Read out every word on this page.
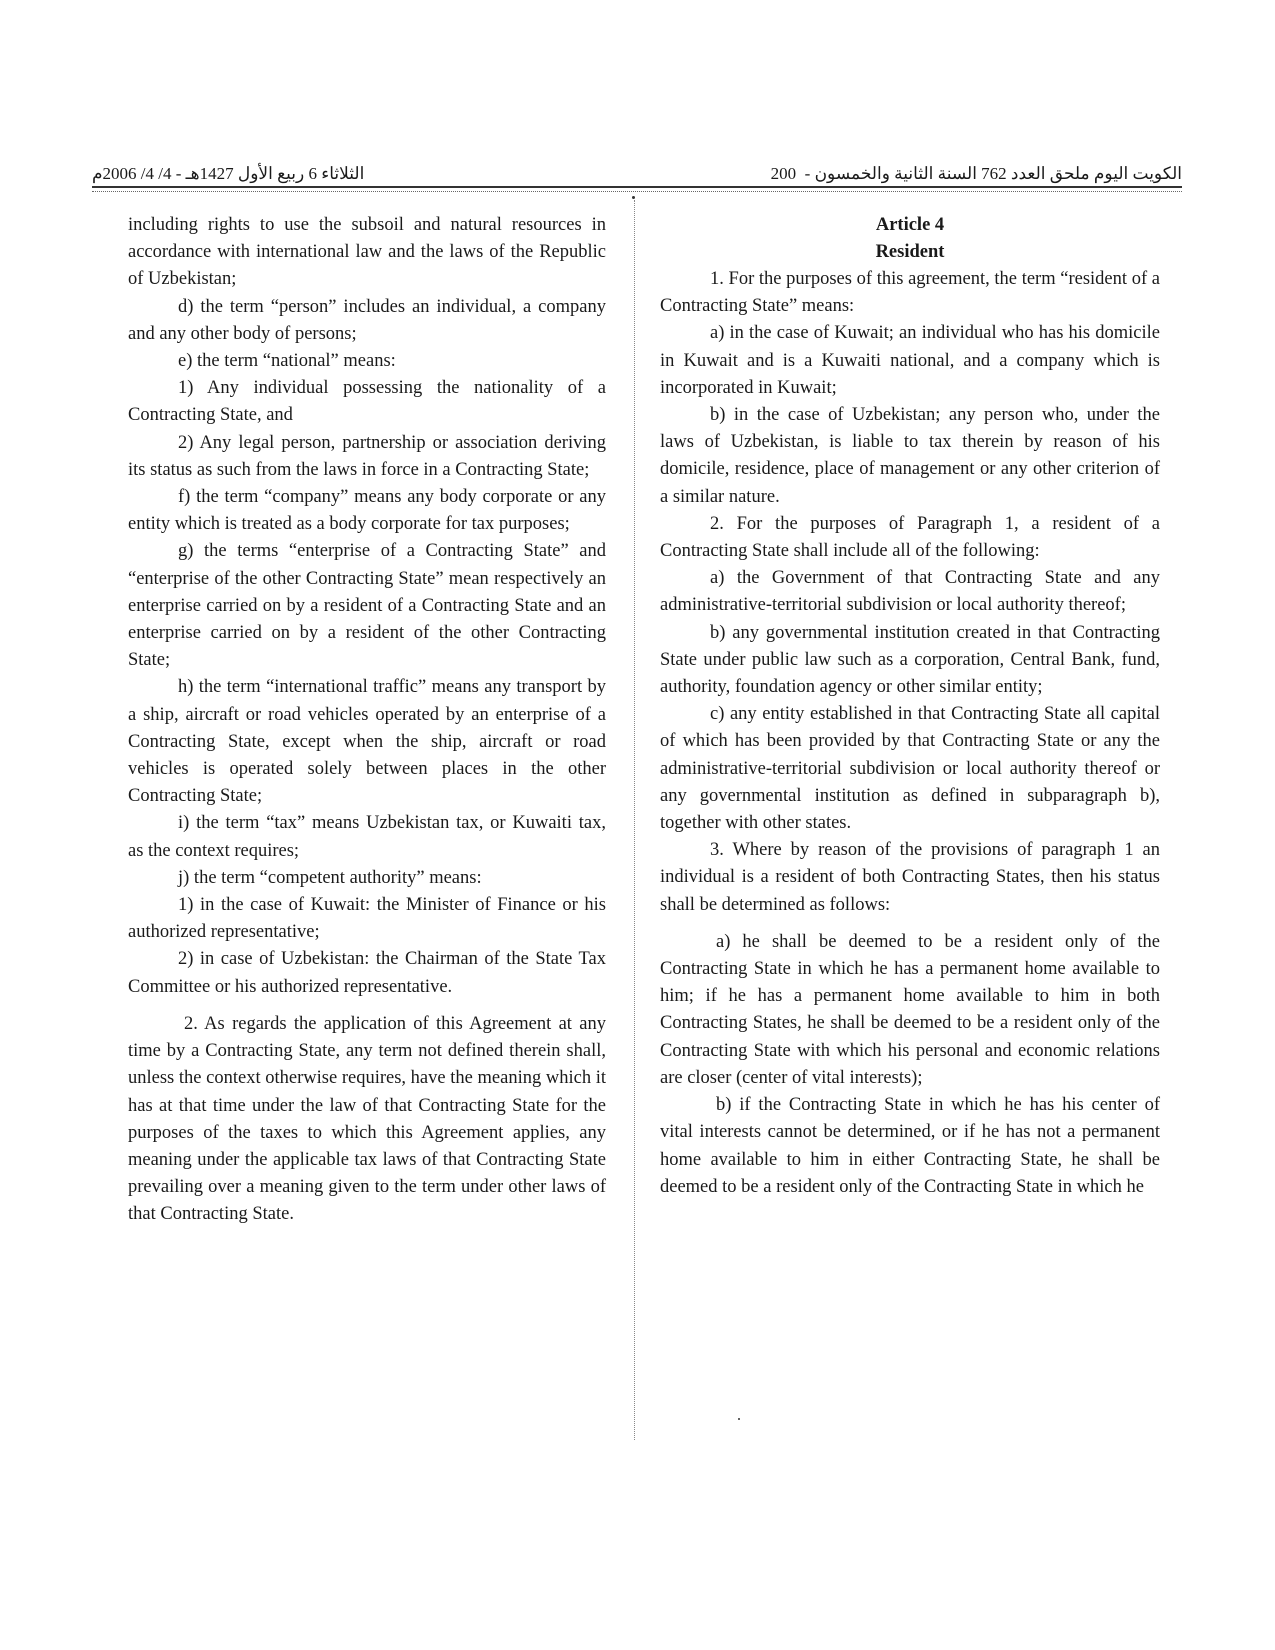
الثلاثاء 6 ربيع الأول 1427هـ - 4/ 4/ 2006م	الكويت اليوم ملحق العدد 762 السنة الثانية والخمسون -  200

including rights to use the subsoil and natural resources in accordance with international law and the laws of the Republic of Uzbekistan;

d) the term “person” includes an individual, a company and any other body of persons;

e) the term “national” means:

1) Any individual possessing the nationality of a Contracting State, and

2) Any legal person, partnership or association deriving its status as such from the laws in force in a Contracting State;

f) the term “company” means any body corporate or any entity which is treated as a body corporate for tax purposes;

g) the terms “enterprise of a Contracting State” and “enterprise of the other Contracting State” mean respectively an enterprise carried on by a resident of a Contracting State and an enterprise carried on by a resident of the other Contracting State;

h) the term “international traffic” means any transport by a ship, aircraft or road vehicles operated by an enterprise of a Contracting State, except when the ship, aircraft or road vehicles is operated solely between places in the other Contracting State;

i) the term “tax” means Uzbekistan tax, or Kuwaiti tax, as the context requires;

j) the term “competent authority” means:

1) in the case of Kuwait: the Minister of Finance or his authorized representative;

2) in case of Uzbekistan: the Chairman of the State Tax Committee or his authorized representative.

2. As regards the application of this Agreement at any time by a Contracting State, any term not defined therein shall, unless the context otherwise requires, have the meaning which it has at that time under the law of that Contracting State for the purposes of the taxes to which this Agreement applies, any meaning under the applicable tax laws of that Contracting State prevailing over a meaning given to the term under other laws of that Contracting State.

Article 4

Resident

1. For the purposes of this agreement, the term “resident of a Contracting State” means:

a) in the case of Kuwait; an individual who has his domicile in Kuwait and is a Kuwaiti national, and a company which is incorporated in Kuwait;

b) in the case of Uzbekistan; any person who, under the laws of Uzbekistan, is liable to tax therein by reason of his domicile, residence, place of management or any other criterion of a similar nature.

2. For the purposes of Paragraph 1, a resident of a Contracting State shall include all of the following:

a) the Government of that Contracting State and any administrative-territorial subdivision or local authority thereof;

b) any governmental institution created in that Contracting State under public law such as a corporation, Central Bank, fund, authority, foundation agency or other similar entity;

c) any entity established in that Contracting State all capital of which has been provided by that Contracting State or any the administrative-territorial subdivision or local authority thereof or any governmental institution as defined in subparagraph b), together with other states.

3. Where by reason of the provisions of paragraph 1 an individual is a resident of both Contracting States, then his status shall be determined as follows:

a) he shall be deemed to be a resident only of the Contracting State in which he has a permanent home available to him; if he has a permanent home available to him in both Contracting States, he shall be deemed to be a resident only of the Contracting State with which his personal and economic relations are closer (center of vital interests);

b) if the Contracting State in which he has his center of vital interests cannot be determined, or if he has not a permanent home available to him in either Contracting State, he shall be deemed to be a resident only of the Contracting State in which he
